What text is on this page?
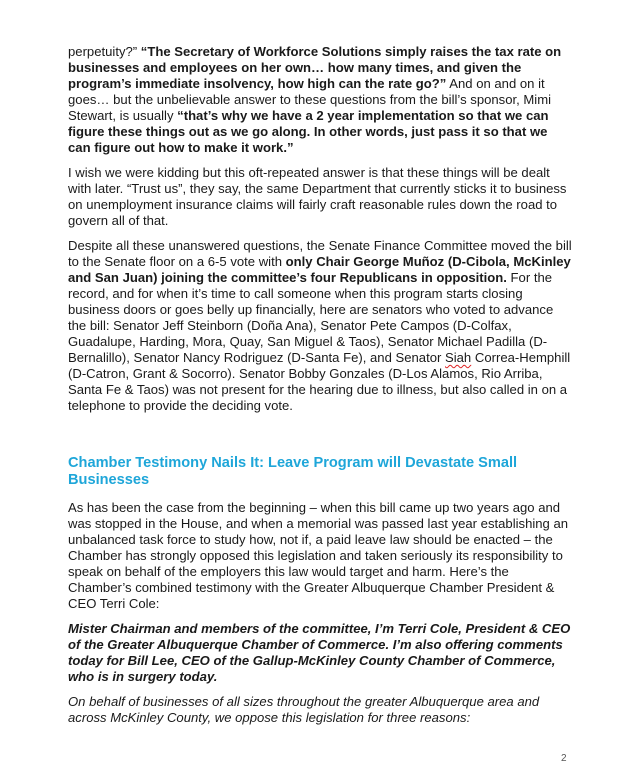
perpetuity?” “The Secretary of Workforce Solutions simply raises the tax rate on businesses and employees on her own… how many times, and given the program’s immediate insolvency, how high can the rate go?” And on and on it goes… but the unbelievable answer to these questions from the bill’s sponsor, Mimi Stewart, is usually “that’s why we have a 2 year implementation so that we can figure these things out as we go along. In other words, just pass it so that we can figure out how to make it work.”

I wish we were kidding but this oft-repeated answer is that these things will be dealt with later. “Trust us”, they say, the same Department that currently sticks it to business on unemployment insurance claims will fairly craft reasonable rules down the road to govern all of that.

Despite all these unanswered questions, the Senate Finance Committee moved the bill to the Senate floor on a 6-5 vote with only Chair George Muñoz (D-Cibola, McKinley and San Juan) joining the committee’s four Republicans in opposition. For the record, and for when it’s time to call someone when this program starts closing business doors or goes belly up financially, here are senators who voted to advance the bill: Senator Jeff Steinborn (Doña Ana), Senator Pete Campos (D-Colfax, Guadalupe, Harding, Mora, Quay, San Miguel & Taos), Senator Michael Padilla (D-Bernalillo), Senator Nancy Rodriguez (D-Santa Fe), and Senator Siah Correa-Hemphill (D-Catron, Grant & Socorro). Senator Bobby Gonzales (D-Los Alamos, Rio Arriba, Santa Fe & Taos) was not present for the hearing due to illness, but also called in on a telephone to provide the deciding vote.

Chamber Testimony Nails It: Leave Program will Devastate Small Businesses

As has been the case from the beginning – when this bill came up two years ago and was stopped in the House, and when a memorial was passed last year establishing an unbalanced task force to study how, not if, a paid leave law should be enacted – the Chamber has strongly opposed this legislation and taken seriously its responsibility to speak on behalf of the employers this law would target and harm. Here’s the Chamber’s combined testimony with the Greater Albuquerque Chamber President & CEO Terri Cole:

Mister Chairman and members of the committee, I’m Terri Cole, President & CEO of the Greater Albuquerque Chamber of Commerce. I’m also offering comments today for Bill Lee, CEO of the Gallup-McKinley County Chamber of Commerce, who is in surgery today.

On behalf of businesses of all sizes throughout the greater Albuquerque area and across McKinley County, we oppose this legislation for three reasons:

2
